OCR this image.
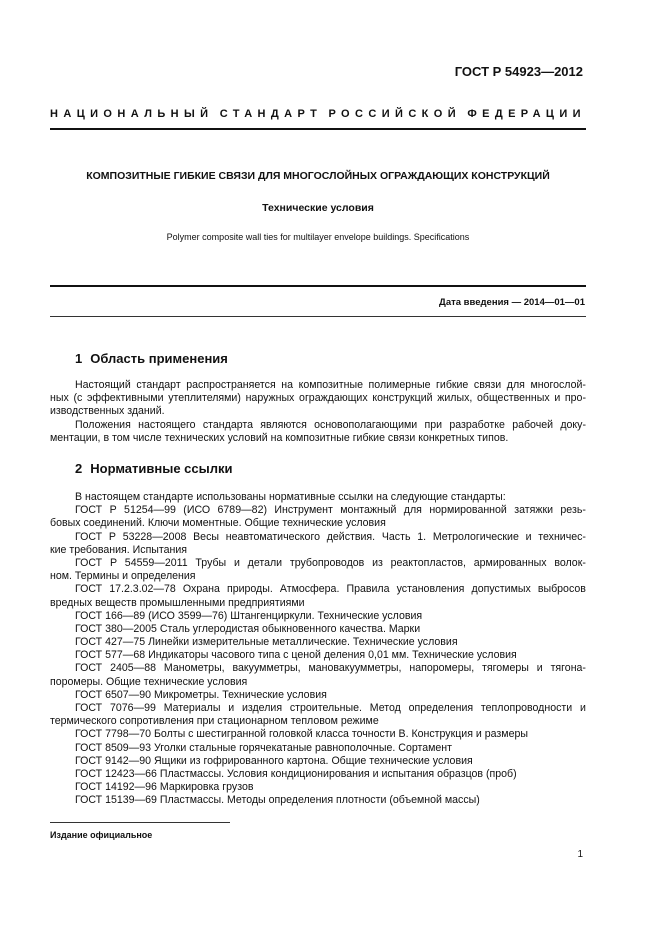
ГОСТ Р 54923—2012
НАЦИОНАЛЬНЫЙ СТАНДАРТ РОССИЙСКОЙ ФЕДЕРАЦИИ
КОМПОЗИТНЫЕ ГИБКИЕ СВЯЗИ ДЛЯ МНОГОСЛОЙНЫХ ОГРАЖДАЮЩИХ КОНСТРУКЦИЙ
Технические условия
Polymer composite wall ties for multilayer envelope buildings. Specifications
Дата введения — 2014—01—01
1 Область применения
Настоящий стандарт распространяется на композитные полимерные гибкие связи для многослой-
ных (с эффективными утеплителями) наружных ограждающих конструкций жилых, общественных и про-
изводственных зданий.
Положения настоящего стандарта являются основополагающими при разработке рабочей доку-
ментации, в том числе технических условий на композитные гибкие связи конкретных типов.
2 Нормативные ссылки
В настоящем стандарте использованы нормативные ссылки на следующие стандарты:
ГОСТ Р 51254—99 (ИСО 6789—82) Инструмент монтажный для нормированной затяжки резь-
бовых соединений. Ключи моментные. Общие технические условия
ГОСТ Р 53228—2008 Весы неавтоматического действия. Часть 1. Метрологические и техничес-
кие требования. Испытания
ГОСТ Р 54559—2011 Трубы и детали трубопроводов из реактопластов, армированных волок-
ном. Термины и определения
ГОСТ 17.2.3.02—78 Охрана природы. Атмосфера. Правила установления допустимых выбросов
вредных веществ промышленными предприятиями
ГОСТ 166—89 (ИСО 3599—76) Штангенциркули. Технические условия
ГОСТ 380—2005 Сталь углеродистая обыкновенного качества. Марки
ГОСТ 427—75 Линейки измерительные металлические. Технические условия
ГОСТ 577—68 Индикаторы часового типа с ценой деления 0,01 мм. Технические условия
ГОСТ 2405—88 Манометры, вакуумметры, мановакуумметры, напоромеры, тягомеры и тягона-
поромеры. Общие технические условия
ГОСТ 6507—90 Микрометры. Технические условия
ГОСТ 7076—99 Материалы и изделия строительные. Метод определения теплопроводности и
термического сопротивления при стационарном тепловом режиме
ГОСТ 7798—70 Болты с шестигранной головкой класса точности В. Конструкция и размеры
ГОСТ 8509—93 Уголки стальные горячекатаные равнополочные. Сортамент
ГОСТ 9142—90 Ящики из гофрированного картона. Общие технические условия
ГОСТ 12423—66 Пластмассы. Условия кондиционирования и испытания образцов (проб)
ГОСТ 14192—96 Маркировка грузов
ГОСТ 15139—69 Пластмассы. Методы определения плотности (объемной массы)
Издание официальное
1
